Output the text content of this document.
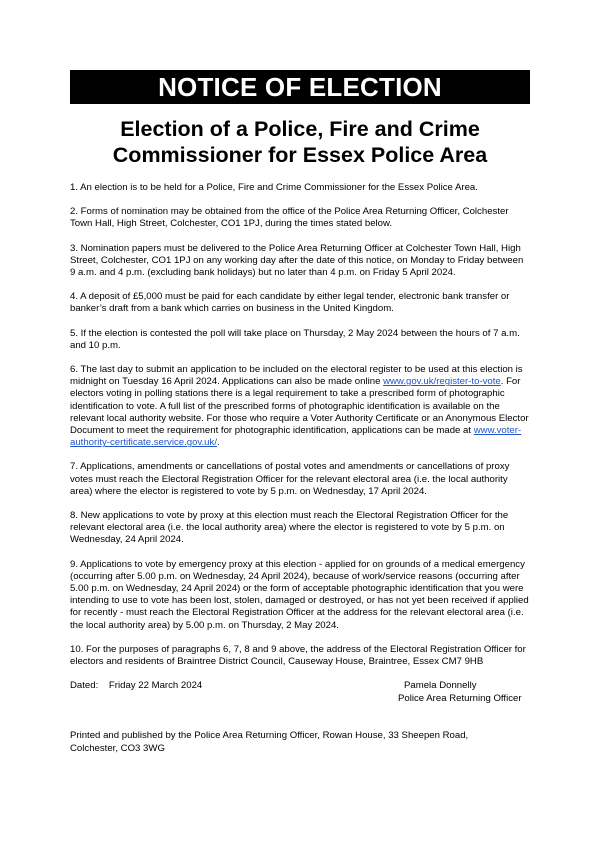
NOTICE OF ELECTION
Election of a Police, Fire and Crime
Commissioner for Essex Police Area

1. An election is to be held for a Police, Fire and Crime Commissioner for the Essex Police Area.

2. Forms of nomination may be obtained from the office of the Police Area Returning Officer, Colchester Town Hall, High Street, Colchester, CO1 1PJ, during the times stated below.

3. Nomination papers must be delivered to the Police Area Returning Officer at Colchester Town Hall, High Street, Colchester, CO1 1PJ on any working day after the date of this notice, on Monday to Friday between 9 a.m. and 4 p.m. (excluding bank holidays) but no later than 4 p.m. on Friday 5 April 2024.

4. A deposit of £5,000 must be paid for each candidate by either legal tender, electronic bank transfer or banker’s draft from a bank which carries on business in the United Kingdom.

5. If the election is contested the poll will take place on Thursday, 2 May 2024 between the hours of 7 a.m. and 10 p.m.

6. The last day to submit an application to be included on the electoral register to be used at this election is midnight on Tuesday 16 April 2024. Applications can also be made online www.gov.uk/register-to-vote. For electors voting in polling stations there is a legal requirement to take a prescribed form of photographic identification to vote. A full list of the prescribed forms of photographic identification is available on the relevant local authority website. For those who require a Voter Authority Certificate or an Anonymous Elector Document to meet the requirement for photographic identification, applications can be made at www.voter-authority-certificate.service.gov.uk/.

7. Applications, amendments or cancellations of postal votes and amendments or cancellations of proxy votes must reach the Electoral Registration Officer for the relevant electoral area (i.e. the local authority area) where the elector is registered to vote by 5 p.m. on Wednesday, 17 April 2024.

8. New applications to vote by proxy at this election must reach the Electoral Registration Officer for the relevant electoral area (i.e. the local authority area) where the elector is registered to vote by 5 p.m. on Wednesday, 24 April 2024.

9. Applications to vote by emergency proxy at this election - applied for on grounds of a medical emergency (occurring after 5.00 p.m. on Wednesday, 24 April 2024), because of work/service reasons (occurring after 5.00 p.m. on Wednesday, 24 April 2024) or the form of acceptable photographic identification that you were intending to use to vote has been lost, stolen, damaged or destroyed, or has not yet been received if applied for recently - must reach the Electoral Registration Officer at the address for the relevant electoral area (i.e. the local authority area) by 5.00 p.m. on Thursday, 2 May 2024.

10. For the purposes of paragraphs 6, 7, 8 and 9 above, the address of the Electoral Registration Officer for electors and residents of Braintree District Council, Causeway House, Braintree, Essex CM7 9HB

Dated:    Friday 22 March 2024	Pamela Donnelly
Police Area Returning Officer
Printed and published by the Police Area Returning Officer, Rowan House, 33 Sheepen Road,
Colchester, CO3 3WG
